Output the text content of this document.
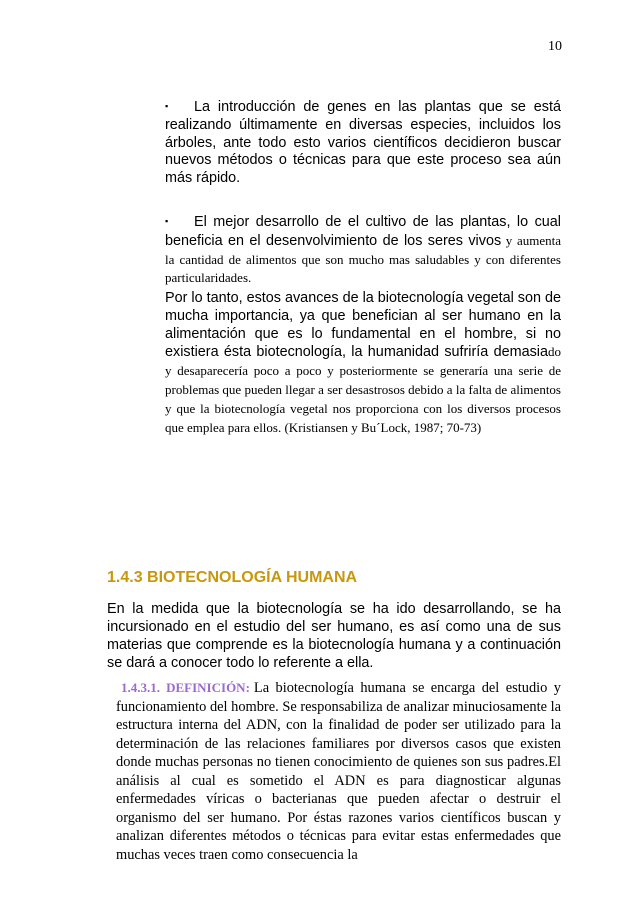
10

▪ La introducción de genes en las plantas que se está realizando últimamente en diversas especies, incluidos los árboles, ante todo esto varios científicos decidieron buscar nuevos métodos o técnicas para que este proceso sea aún más rápido.

▪ El mejor desarrollo de el cultivo de las plantas, lo cual beneficia en el desenvolvimiento de los seres vivos y aumenta la cantidad de alimentos que son mucho mas saludables y con diferentes particularidades.

Por lo tanto, estos avances de la biotecnología vegetal son de mucha importancia, ya que benefician al ser humano en la alimentación que es lo fundamental en el hombre, si no existiera ésta biotecnología, la humanidad sufriría demasiado y desaparecería poco a poco y posteriormente se generaría una serie de problemas que pueden llegar a ser desastrosos debido a la falta de alimentos y que la biotecnología vegetal nos proporciona con los diversos procesos que emplea para ellos. (Kristiansen y Bu´Lock, 1987; 70-73)

1.4.3 BIOTECNOLOGÍA HUMANA

En la medida que la biotecnología se ha ido desarrollando, se ha incursionado en el estudio del ser humano, es así como una de sus materias que comprende es la biotecnología humana y a continuación se dará a conocer todo lo referente a ella.

1.4.3.1. DEFINICIÓN: La biotecnología humana se encarga del estudio y funcionamiento del hombre. Se responsabiliza de analizar minuciosamente la estructura interna del ADN, con la finalidad de poder ser utilizado para la determinación de las relaciones familiares por diversos casos que existen donde muchas personas no tienen conocimiento de quienes son sus padres.El análisis al cual es sometido el ADN es para diagnosticar algunas enfermedades víricas o bacterianas que pueden afectar o destruir el organismo del ser humano. Por éstas razones varios científicos buscan y analizan diferentes métodos o técnicas para evitar estas enfermedades que muchas veces traen como consecuencia la
